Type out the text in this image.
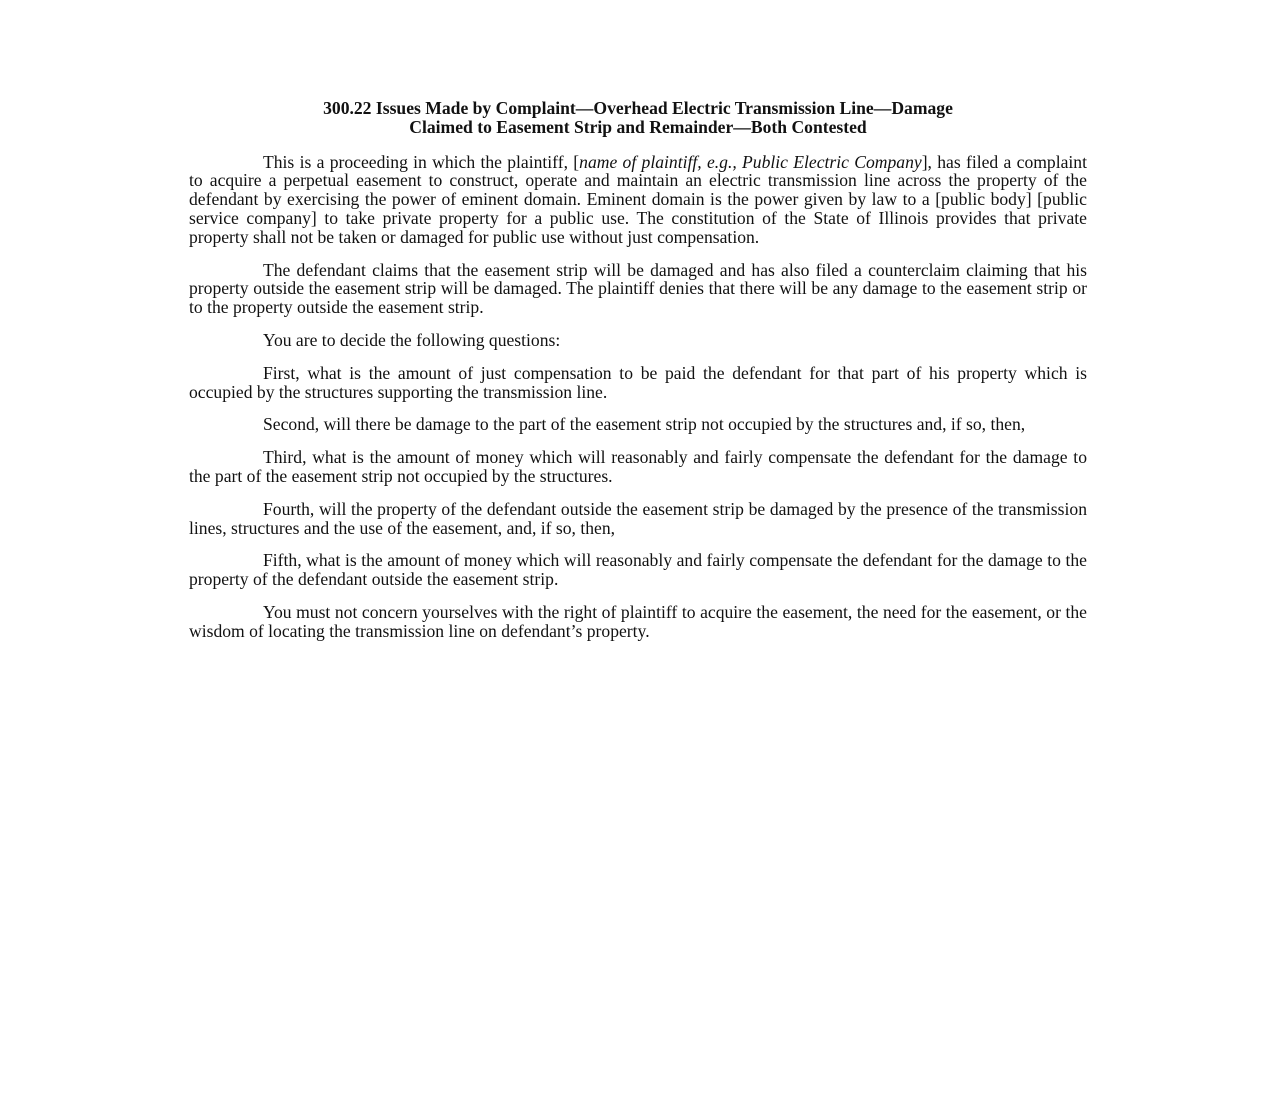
300.22 Issues Made by Complaint—Overhead Electric Transmission Line—Damage
Claimed to Easement Strip and Remainder—Both Contested

This is a proceeding in which the plaintiff, [name of plaintiff, e.g., Public Electric Company], has filed a complaint to acquire a perpetual easement to construct, operate and maintain an electric transmission line across the property of the defendant by exercising the power of eminent domain. Eminent domain is the power given by law to a [public body] [public service company] to take private property for a public use. The constitution of the State of Illinois provides that private property shall not be taken or damaged for public use without just compensation.

The defendant claims that the easement strip will be damaged and has also filed a counterclaim claiming that his property outside the easement strip will be damaged. The plaintiff denies that there will be any damage to the easement strip or to the property outside the easement strip.

You are to decide the following questions:

First, what is the amount of just compensation to be paid the defendant for that part of his property which is occupied by the structures supporting the transmission line.

Second, will there be damage to the part of the easement strip not occupied by the structures and, if so, then,

Third, what is the amount of money which will reasonably and fairly compensate the defendant for the damage to the part of the easement strip not occupied by the structures.

Fourth, will the property of the defendant outside the easement strip be damaged by the presence of the transmission lines, structures and the use of the easement, and, if so, then,

Fifth, what is the amount of money which will reasonably and fairly compensate the defendant for the damage to the property of the defendant outside the easement strip.

You must not concern yourselves with the right of plaintiff to acquire the easement, the need for the easement, or the wisdom of locating the transmission line on defendant’s property.
